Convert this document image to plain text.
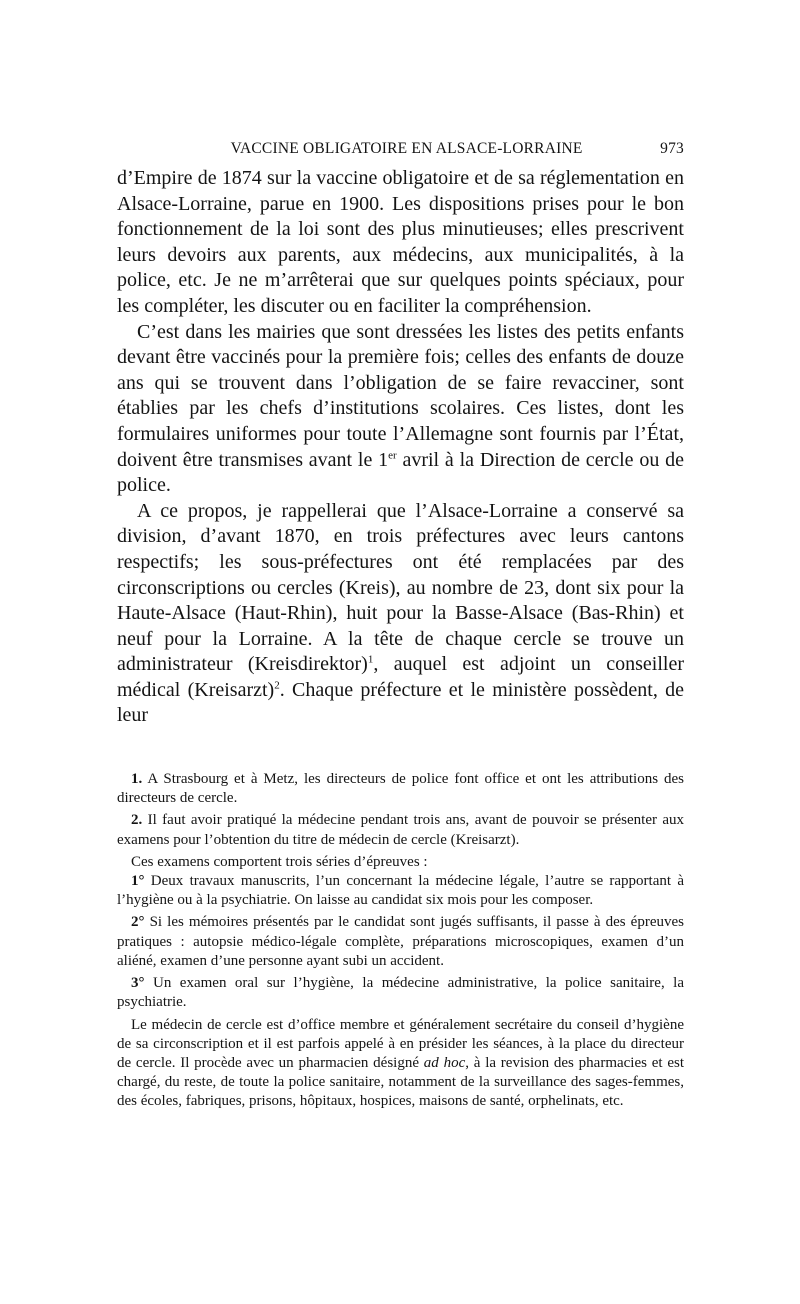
VACCINE OBLIGATOIRE EN ALSACE-LORRAINE	973

d’Empire de 1874 sur la vaccine obligatoire et de sa réglementation en Alsace-Lorraine, parue en 1900. Les dispositions prises pour le bon fonctionnement de la loi sont des plus minutieuses; elles prescrivent leurs devoirs aux parents, aux médecins, aux municipalités, à la police, etc. Je ne m’arrêterai que sur quelques points spéciaux, pour les compléter, les discuter ou en faciliter la compréhension.

C’est dans les mairies que sont dressées les listes des petits enfants devant être vaccinés pour la première fois; celles des enfants de douze ans qui se trouvent dans l’obligation de se faire revacciner, sont établies par les chefs d’institutions scolaires. Ces listes, dont les formulaires uniformes pour toute l’Allemagne sont fournis par l’État, doivent être transmises avant le 1er avril à la Direction de cercle ou de police.

A ce propos, je rappellerai que l’Alsace-Lorraine a conservé sa division, d’avant 1870, en trois préfectures avec leurs cantons respectifs; les sous-préfectures ont été remplacées par des circonscriptions ou cercles (Kreis), au nombre de 23, dont six pour la Haute-Alsace (Haut-Rhin), huit pour la Basse-Alsace (Bas-Rhin) et neuf pour la Lorraine. A la tête de chaque cercle se trouve un administrateur (Kreisdirektor)$^1$, auquel est adjoint un conseiller médical (Kreisarzt)$^2$. Chaque préfecture et le ministère possèdent, de leur

1. A Strasbourg et à Metz, les directeurs de police font office et ont les attributions des directeurs de cercle.

2. Il faut avoir pratiqué la médecine pendant trois ans, avant de pouvoir se présenter aux examens pour l’obtention du titre de médecin de cercle (Kreisarzt).

Ces examens comportent trois séries d’épreuves :

1° Deux travaux manuscrits, l’un concernant la médecine légale, l’autre se rapportant à l’hygiène ou à la psychiatrie. On laisse au candidat six mois pour les composer.

2° Si les mémoires présentés par le candidat sont jugés suffisants, il passe à des épreuves pratiques : autopsie médico-légale complète, préparations microscopiques, examen d’un aliéné, examen d’une personne ayant subi un accident.

3° Un examen oral sur l’hygiène, la médecine administrative, la police sanitaire, la psychiatrie.

Le médecin de cercle est d’office membre et généralement secrétaire du conseil d’hygiène de sa circonscription et il est parfois appelé à en présider les séances, à la place du directeur de cercle. Il procède avec un pharmacien désigné ad hoc, à la revision des pharmacies et est chargé, du reste, de toute la police sanitaire, notamment de la surveillance des sages-femmes, des écoles, fabriques, prisons, hôpitaux, hospices, maisons de santé, orphelinats, etc.
